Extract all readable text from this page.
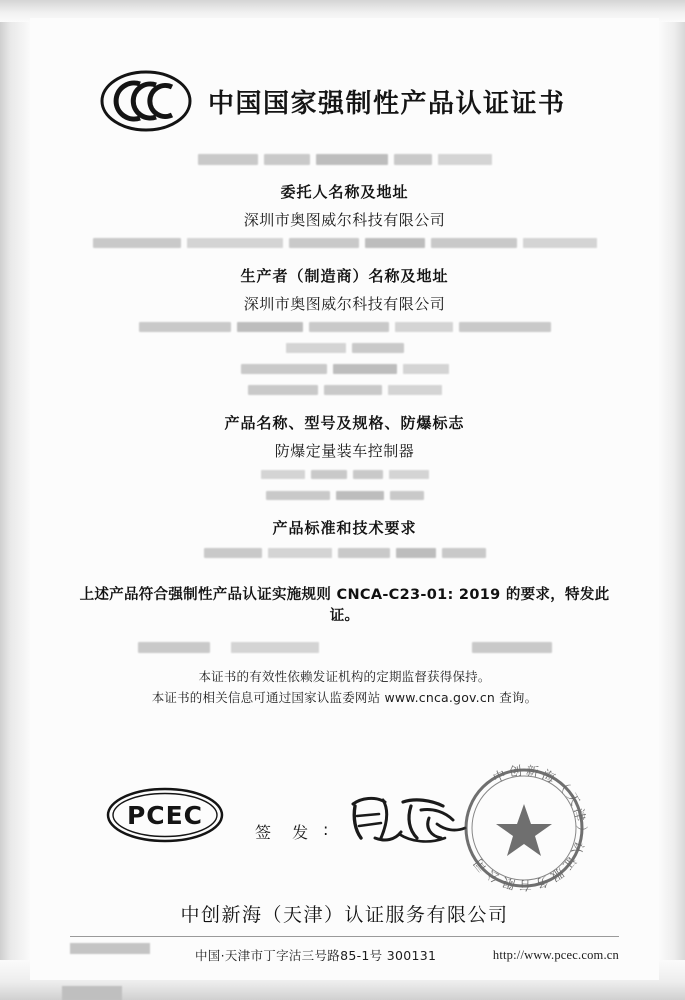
中国国家强制性产品认证证书
委托人名称及地址
深圳市奥图威尔科技有限公司
生产者（制造商）名称及地址
深圳市奥图威尔科技有限公司
产品名称、型号及规格、防爆标志
防爆定量装车控制器
产品标准和技术要求
上述产品符合强制性产品认证实施规则 CNCA-C23-01: 2019 的要求，特发此证。
本证书的有效性依赖发证机构的定期监督获得保持。
本证书的相关信息可通过国家认监委网站 www.cnca.gov.cn 查询。
PCEC
签 发 :
中创新海（天津）认证服务有限公司
中创新海（天津）认证服务有限公司
中国·天津市丁字沽三号路85-1号 300131	http://www.pcec.com.cn
